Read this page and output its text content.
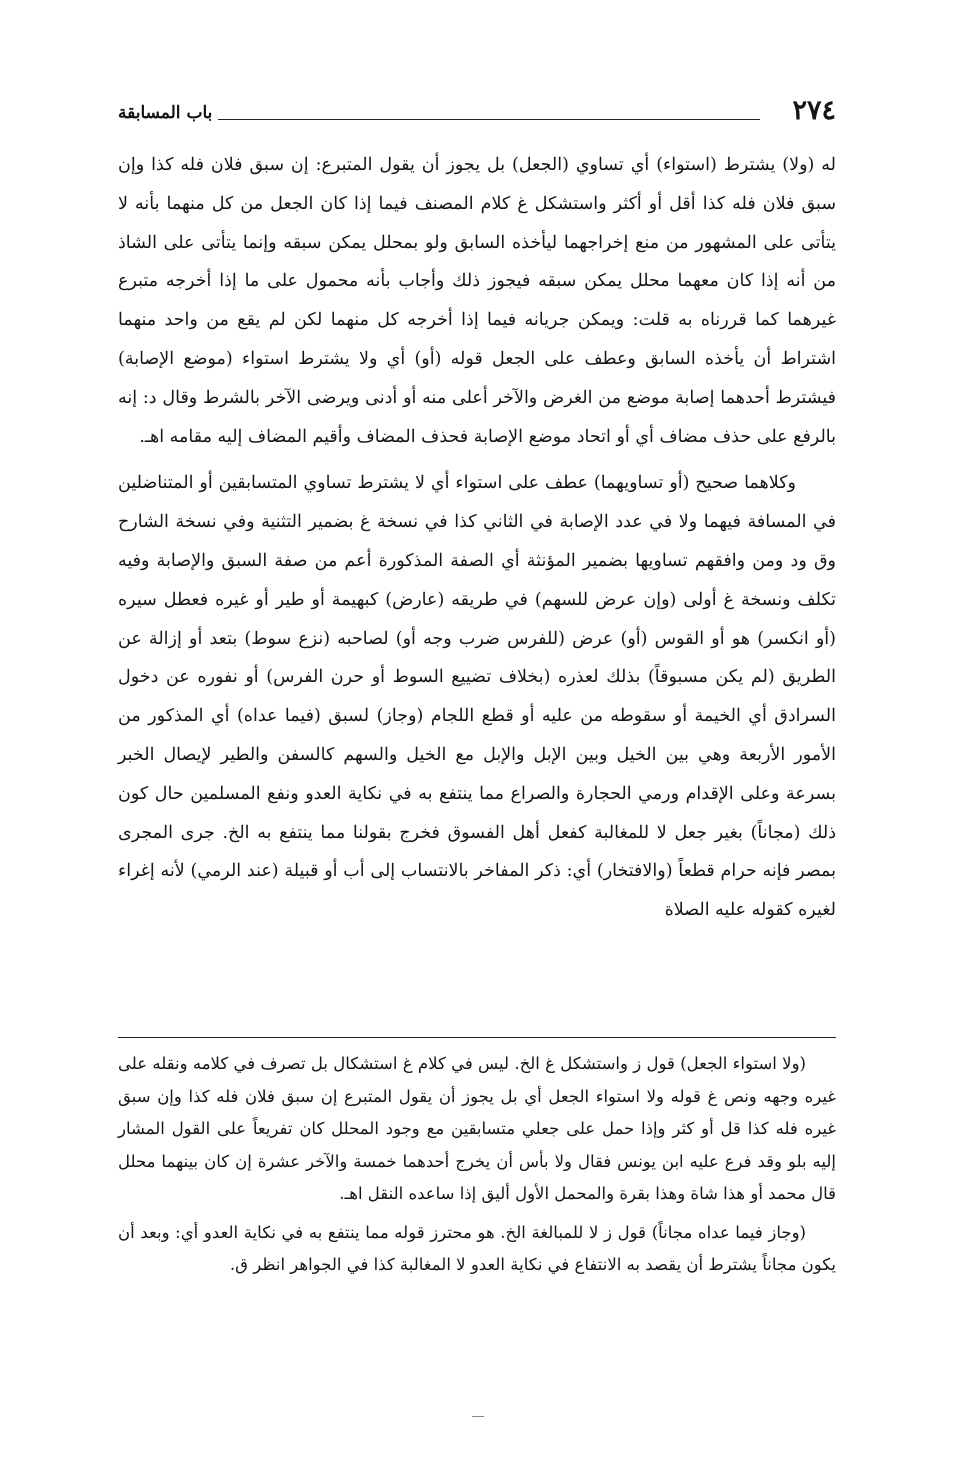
٢٧٤
باب المسابقة

له (ولا) يشترط (استواء) أي تساوي (الجعل) بل يجوز أن يقول المتبرع: إن سبق فلان فله كذا وإن سبق فلان فله كذا أقل أو أكثر واستشكل غ كلام المصنف فيما إذا كان الجعل من كل منهما بأنه لا يتأتى على المشهور من منع إخراجهما ليأخذه السابق ولو بمحلل يمكن سبقه وإنما يتأتى على الشاذ من أنه إذا كان معهما محلل يمكن سبقه فيجوز ذلك وأجاب بأنه محمول على ما إذا أخرجه متبرع غيرهما كما قررناه به قلت: ويمكن جريانه فيما إذا أخرجه كل منهما لكن لم يقع من واحد منهما اشتراط أن يأخذه السابق وعطف على الجعل قوله (أو) أي ولا يشترط استواء (موضع الإصابة) فيشترط أحدهما إصابة موضع من الغرض والآخر أعلى منه أو أدنى ويرضى الآخر بالشرط وقال د: إنه بالرفع على حذف مضاف أي أو اتحاد موضع الإصابة فحذف المضاف وأقيم المضاف إليه مقامه اهـ.

وكلاهما صحيح (أو تساويهما) عطف على استواء أي لا يشترط تساوي المتسابقين أو المتناضلين في المسافة فيهما ولا في عدد الإصابة في الثاني كذا في نسخة غ بضمير التثنية وفي نسخة الشارح وق ود ومن وافقهم تساويها بضمير المؤنثة أي الصفة المذكورة أعم من صفة السبق والإصابة وفيه تكلف ونسخة غ أولى (وإن عرض للسهم) في طريقه (عارض) كبهيمة أو طير أو غيره فعطل سيره (أو انكسر) هو أو القوس (أو) عرض (للفرس ضرب وجه أو) لصاحبه (نزع سوط) بتعد أو إزالة عن الطريق (لم يكن مسبوقاً) بذلك لعذره (بخلاف تضييع السوط أو حرن الفرس) أو نفوره عن دخول السرادق أي الخيمة أو سقوطه من عليه أو قطع اللجام (وجاز) لسبق (فيما عداه) أي المذكور من الأمور الأربعة وهي بين الخيل وبين الإبل والإبل مع الخيل والسهم كالسفن والطير لإيصال الخبر بسرعة وعلى الإقدام ورمي الحجارة والصراع مما ينتفع به في نكاية العدو ونفع المسلمين حال كون ذلك (مجاناً) بغير جعل لا للمغالبة كفعل أهل الفسوق فخرج بقولنا مما ينتفع به الخ. جرى المجرى بمصر فإنه حرام قطعاً (والافتخار) أي: ذكر المفاخر بالانتساب إلى أب أو قبيلة (عند الرمي) لأنه إغراء لغيره كقوله عليه الصلاة

(ولا استواء الجعل) قول ز واستشكل غ الخ. ليس في كلام غ استشكال بل تصرف في كلامه ونقله على غيره وجهه ونص غ قوله ولا استواء الجعل أي بل يجوز أن يقول المتبرع إن سبق فلان فله كذا وإن سبق غيره فله كذا قل أو كثر وإذا حمل على جعلي متسابقين مع وجود المحلل كان تفريعاً على القول المشار إليه بلو وقد فرع عليه ابن يونس فقال ولا بأس أن يخرج أحدهما خمسة والآخر عشرة إن كان بينهما محلل قال محمد أو هذا شاة وهذا بقرة والمحمل الأول أليق إذا ساعده النقل اهـ.

(وجاز فيما عداه مجاناً) قول ز لا للمبالغة الخ. هو محترز قوله مما ينتفع به في نكاية العدو أي: وبعد أن يكون مجاناً يشترط أن يقصد به الانتفاع في نكاية العدو لا المغالبة كذا في الجواهر انظر ق.
